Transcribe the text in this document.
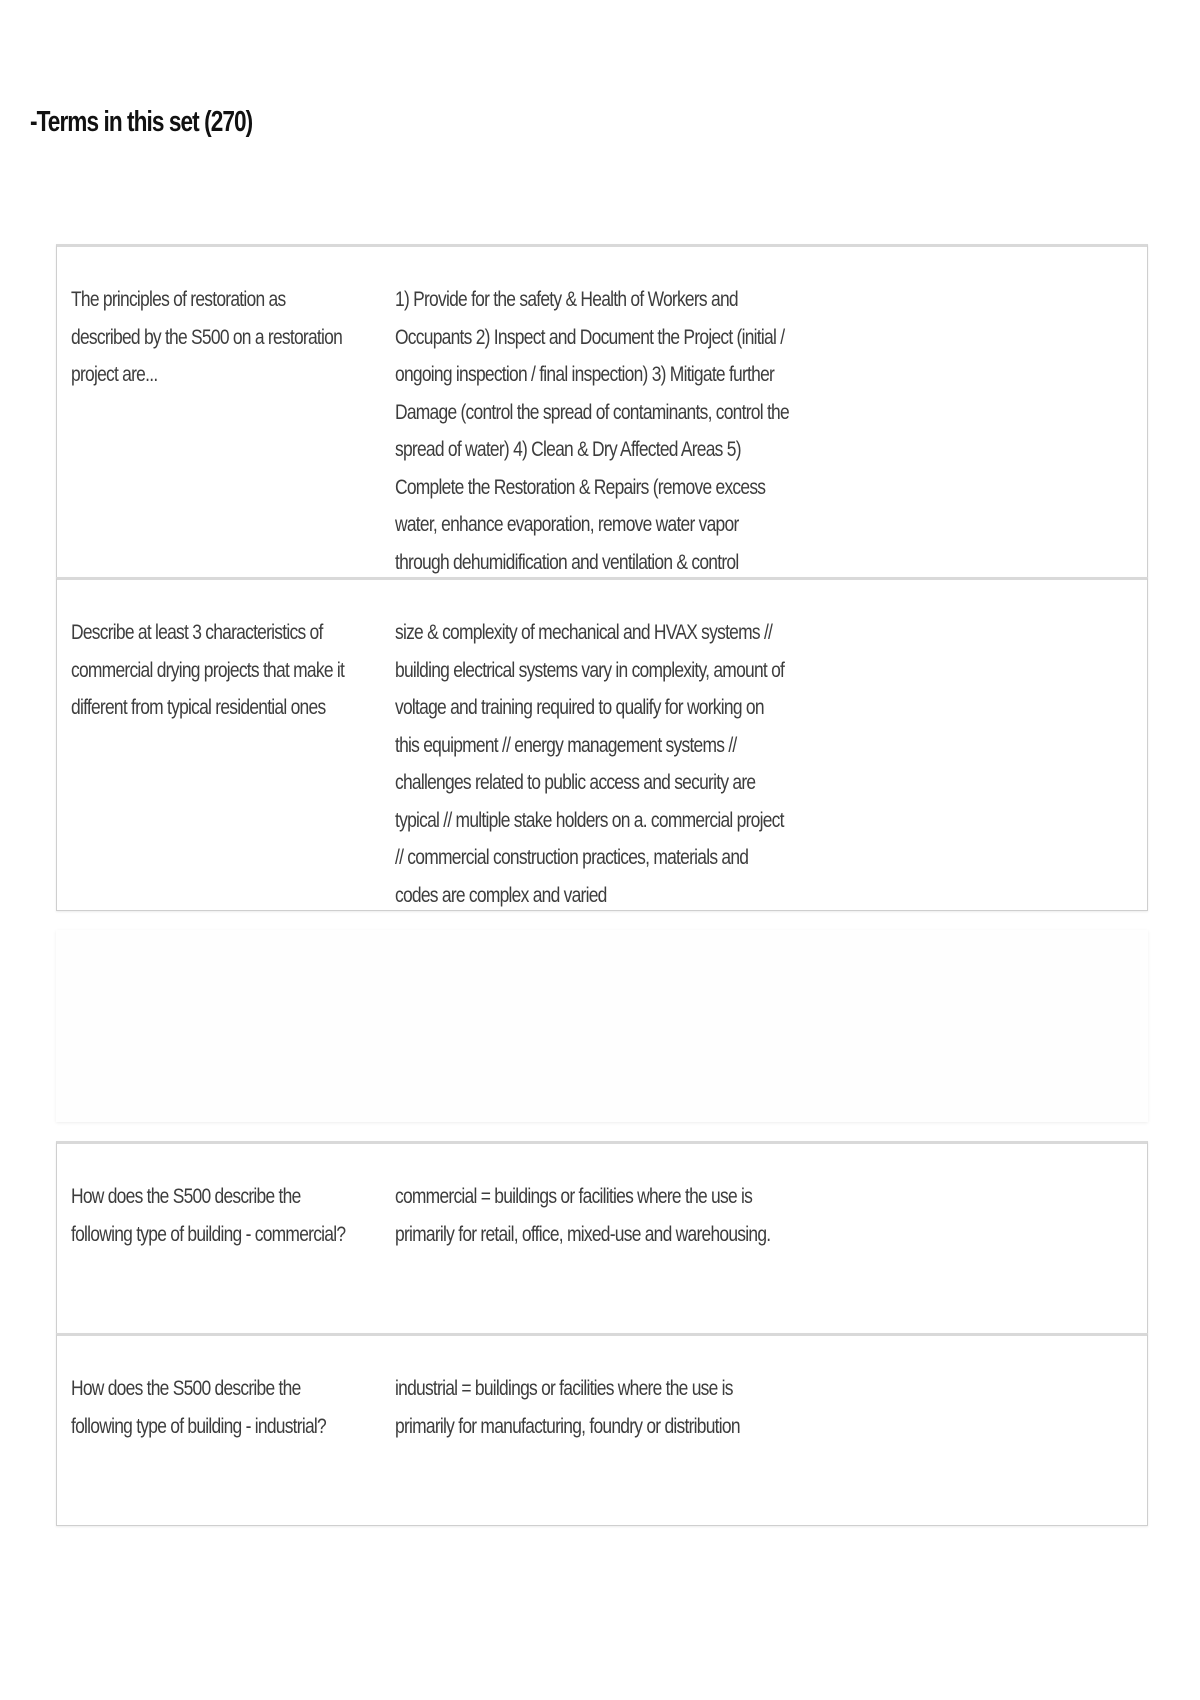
-Terms in this set (270)
The principles of restoration as described by the S500 on a restoration project are...
1) Provide for the safety & Health of Workers and Occupants 2) Inspect and Document the Project (initial / ongoing inspection / final inspection) 3) Mitigate further Damage (control the spread of contaminants, control the spread of water) 4) Clean & Dry Affected Areas 5) Complete the Restoration & Repairs (remove excess water, enhance evaporation, remove water vapor through dehumidification and ventilation & control
Describe at least 3 characteristics of commercial drying projects that make it different from typical residential ones
size & complexity of mechanical and HVAX systems // building electrical systems vary in complexity, amount of voltage and training required to qualify for working on this equipment // energy management systems // challenges related to public access and security are typical // multiple stake holders on a. commercial project // commercial construction practices, materials and codes are complex and varied
How does the S500 describe the following type of building - commercial?
commercial = buildings or facilities where the use is primarily for retail, office, mixed-use and warehousing.
How does the S500 describe the following type of building - industrial?
industrial = buildings or facilities where the use is primarily for manufacturing, foundry or distribution
